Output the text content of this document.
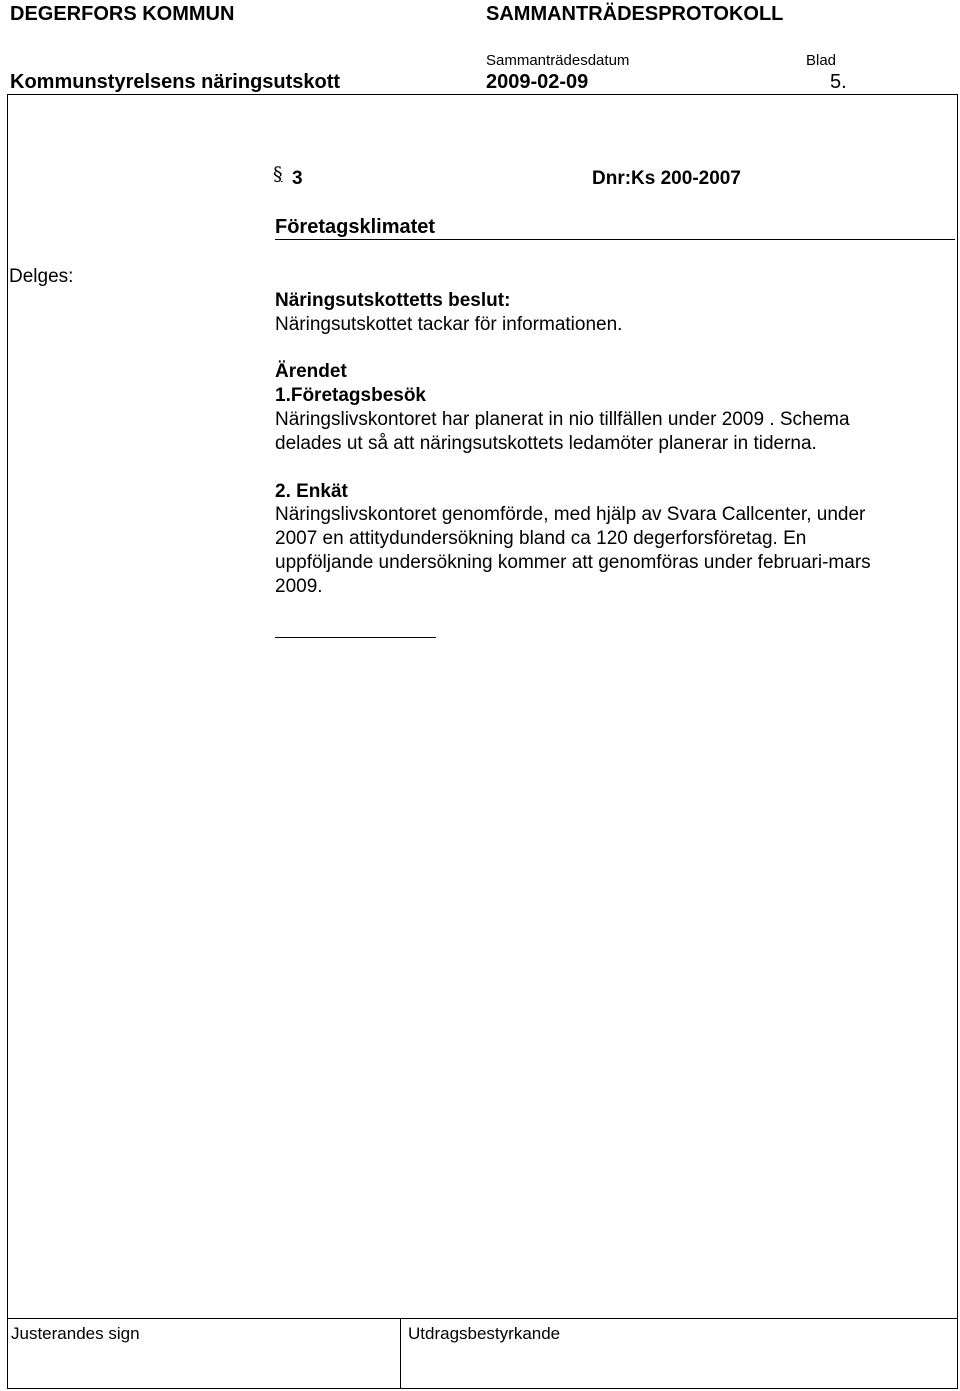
DEGERFORS KOMMUN	SAMMANTRÄDESPROTOKOLL
Sammanträdesdatum	Blad
Kommunstyrelsens näringsutskott	2009-02-09	5.
§ 3	Dnr:Ks 200-2007
Företagsklimatet
Delges:
Näringsutskottetts beslut:
Näringsutskottet tackar för informationen.
Ärendet
1.Företagsbesök
Näringslivskontoret har planerat in nio tillfällen under 2009 . Schema
delades ut så att näringsutskottets ledamöter planerar in tiderna.
2. Enkät
Näringslivskontoret genomförde, med hjälp av Svara Callcenter, under
2007 en attitydundersökning bland ca 120 degerforsföretag. En
uppföljande undersökning kommer att genomföras under februari-mars
2009.
Justerandes sign	Utdragsbestyrkande
